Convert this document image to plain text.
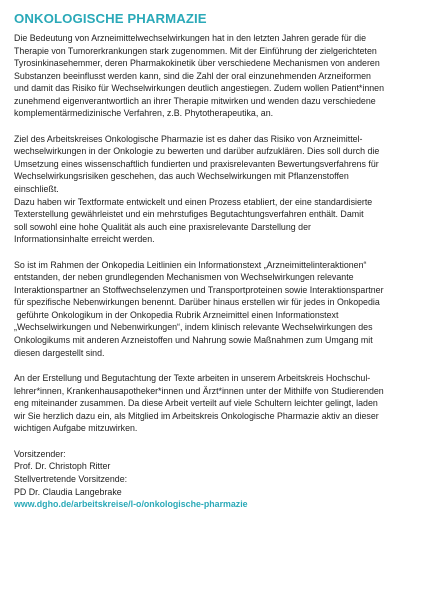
ONKOLOGISCHE PHARMAZIE

Die Bedeutung von Arzneimittelwechselwirkungen hat in den letzten Jahren gerade für die
Therapie von Tumorerkrankungen stark zugenommen. Mit der Einführung der zielgerichteten
Tyrosinkinasehemmer, deren Pharmakokinetik über verschiedene Mechanismen von anderen
Substanzen beeinflusst werden kann, sind die Zahl der oral einzunehmenden Arzneiformen
und damit das Risiko für Wechselwirkungen deutlich angestiegen. Zudem wollen Patient*innen
zunehmend eigenverantwortlich an ihrer Therapie mitwirken und wenden dazu verschiedene
komplementärmedizinische Verfahren, z.B. Phytotherapeutika, an.

Ziel des Arbeitskreises Onkologische Pharmazie ist es daher das Risiko von Arzneimittel-
wechselwirkungen in der Onkologie zu bewerten und darüber aufzuklären. Dies soll durch die
Umsetzung eines wissenschaftlich fundierten und praxisrelevanten Bewertungsverfahrens für
Wechselwirkungsrisiken geschehen, das auch Wechselwirkungen mit Pflanzenstoffen
einschließt.
Dazu haben wir Textformate entwickelt und einen Prozess etabliert, der eine standardisierte
Texterstellung gewährleistet und ein mehrstufiges Begutachtungsverfahren enthält. Damit
soll sowohl eine hohe Qualität als auch eine praxisrelevante Darstellung der
Informationsinhalte erreicht werden.

So ist im Rahmen der Onkopedia Leitlinien ein Informationstext „Arzneimittelinteraktionen“
entstanden, der neben grundlegenden Mechanismen von Wechselwirkungen relevante
Interaktionspartner an Stoffwechselenzymen und Transportproteinen sowie Interaktionspartner
für spezifische Nebenwirkungen benennt. Darüber hinaus erstellen wir für jedes in Onkopedia
geführte Onkologikum in der Onkopedia Rubrik Arzneimittel einen Informationstext
„Wechselwirkungen und Nebenwirkungen“, indem klinisch relevante Wechselwirkungen des
Onkologikums mit anderen Arzneistoffen und Nahrung sowie Maßnahmen zum Umgang mit
diesen dargestellt sind.

An der Erstellung und Begutachtung der Texte arbeiten in unserem Arbeitskreis Hochschul-
lehrer*innen, Krankenhausapotheker*innen und Ärzt*innen unter der Mithilfe von Studierenden
eng miteinander zusammen. Da diese Arbeit verteilt auf viele Schultern leichter gelingt, laden
wir Sie herzlich dazu ein, als Mitglied im Arbeitskreis Onkologische Pharmazie aktiv an dieser
wichtigen Aufgabe mitzuwirken.

Vorsitzender:
Prof. Dr. Christoph Ritter
Stellvertretende Vorsitzende:
PD Dr. Claudia Langebrake
www.dgho.de/arbeitskreise/l-o/onkologische-pharmazie
